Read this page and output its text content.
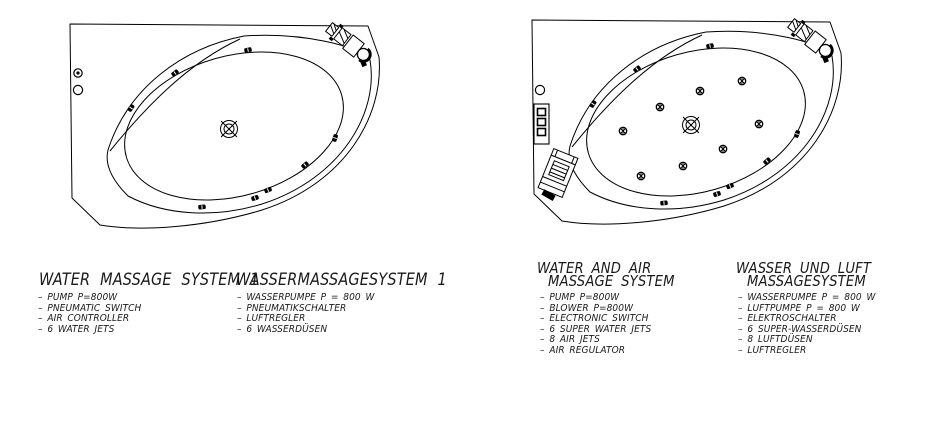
WATER MASSAGE SYSTEM 1
WASSERMASSAGESYSTEM 1
– PUMP P=800W
– PNEUMATIC SWITCH
– AIR CONTROLLER
– 6 WATER JETS
– WASSERPUMPE P = 800 W
– PNEUMATIKSCHALTER
– LUFTREGLER
– 6 WASSERDÜSEN
WATER AND AIR
MASSAGE SYSTEM
WASSER UND LUFT
MASSAGESYSTEM
– PUMP P=800W
– BLOWER P=800W
– ELECTRONIC SWITCH
– 6 SUPER WATER JETS
– 8 AIR JETS
– AIR REGULATOR
– WASSERPUMPE P = 800 W
– LUFTPUMPE P = 800 W
– ELEKTROSCHALTER
– 6 SUPER-WASSERDÜSEN
– 8 LUFTDÜSEN
– LUFTREGLER
